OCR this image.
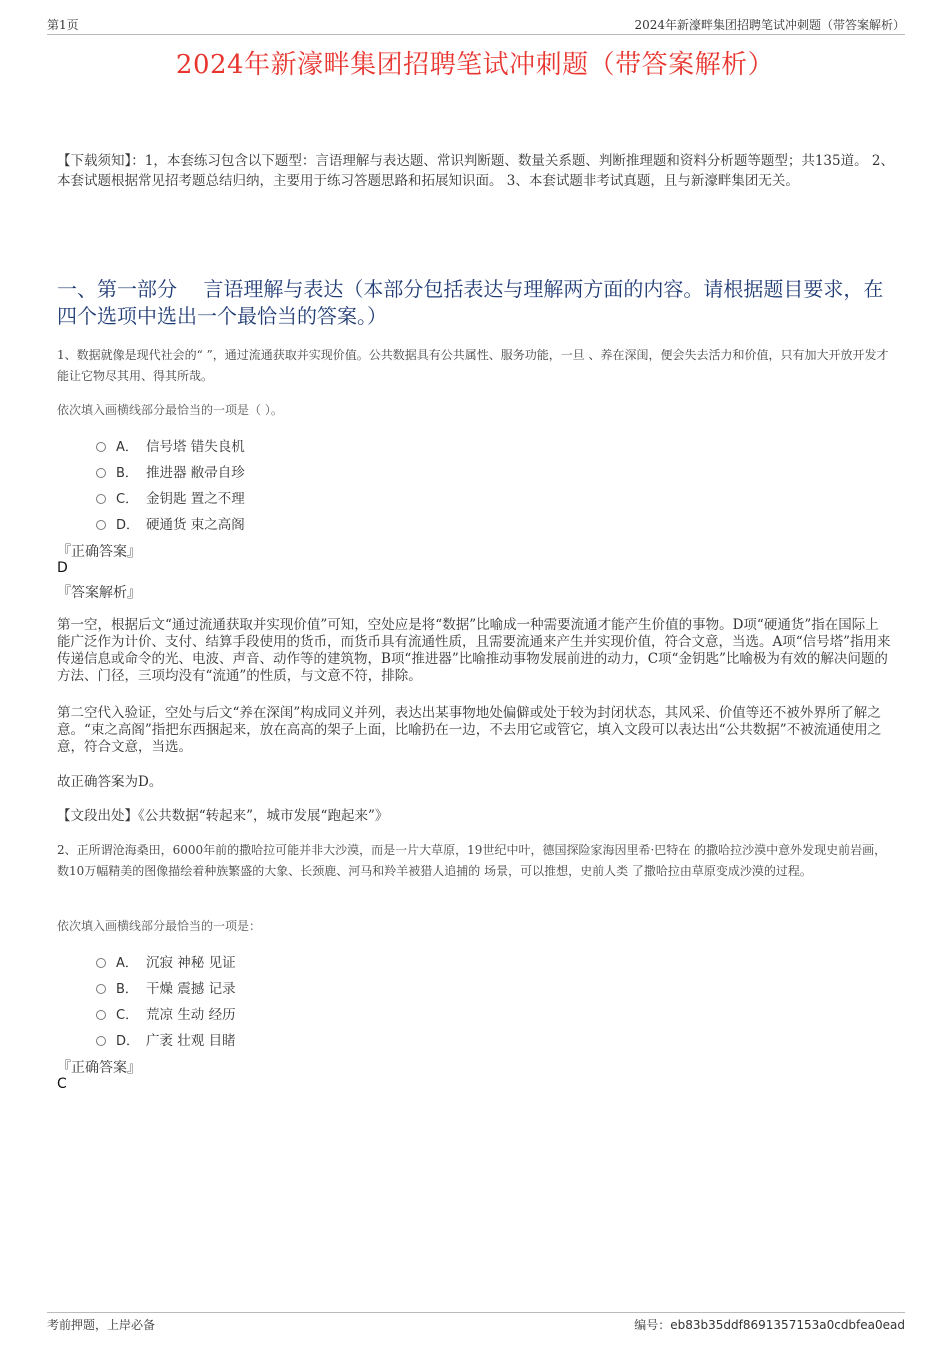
第1页	2024年新濠畔集团招聘笔试冲刺题（带答案解析）
2024年新濠畔集团招聘笔试冲刺题（带答案解析）
【下载须知】：1，本套练习包含以下题型：言语理解与表达题、常识判断题、数量关系题、判断推理题和资料分析题等题型；共135道。 2、本套试题根据常见招考题总结归纳，主要用于练习答题思路和拓展知识面。 3、本套试题非考试真题，且与新濠畔集团无关。
一、第一部分　 言语理解与表达（本部分包括表达与理解两方面的内容。请根据题目要求，在四个选项中选出一个最恰当的答案。）
1、数据就像是现代社会的“ ”，通过流通获取并实现价值。公共数据具有公共属性、服务功能，一旦 、养在深闺，便会失去活力和价值，只有加大开放开发才能让它物尽其用、得其所哉。
依次填入画横线部分最恰当的一项是（ ）。
A． 信号塔 错失良机
B． 推进器 敝帚自珍
C． 金钥匙 置之不理
D． 硬通货 束之高阁
『正确答案』
D
『答案解析』

第一空，根据后文“通过流通获取并实现价值”可知，空处应是将“数据”比喻成一种需要流通才能产生价值的事物。D项“硬通货”指在国际上能广泛作为计价、支付、结算手段使用的货币，而货币具有流通性质，且需要流通来产生并实现价值，符合文意，当选。A项“信号塔”指用来传递信息或命令的光、电波、声音、动作等的建筑物，B项“推进器”比喻推动事物发展前进的动力，C项“金钥匙”比喻极为有效的解决问题的方法、门径，三项均没有“流通”的性质，与文意不符，排除。

第二空代入验证，空处与后文“养在深闺”构成同义并列，表达出某事物地处偏僻或处于较为封闭状态，其风采、价值等还不被外界所了解之意。“束之高阁”指把东西捆起来，放在高高的架子上面，比喻扔在一边，不去用它或管它，填入文段可以表达出“公共数据”不被流通使用之意，符合文意，当选。

故正确答案为D。

【文段出处】《公共数据“转起来”，城市发展“跑起来”》

2、正所谓沧海桑田，6000年前的撒哈拉可能并非大沙漠，而是一片大草原，19世纪中叶，德国探险家海因里希·巴特在 的撒哈拉沙漠中意外发现史前岩画，数10万幅精美的图像描绘着种族繁盛的大象、长颈鹿、河马和羚羊被猎人追捕的 场景，可以推想，史前人类 了撒哈拉由草原变成沙漠的过程。
依次填入画横线部分最恰当的一项是：
A． 沉寂 神秘 见证
B． 干燥 震撼 记录
C． 荒凉 生动 经历
D． 广袤 壮观 目睹
『正确答案』
C
考前押题，上岸必备	编号：eb83b35ddf8691357153a0cdbfea0ead
